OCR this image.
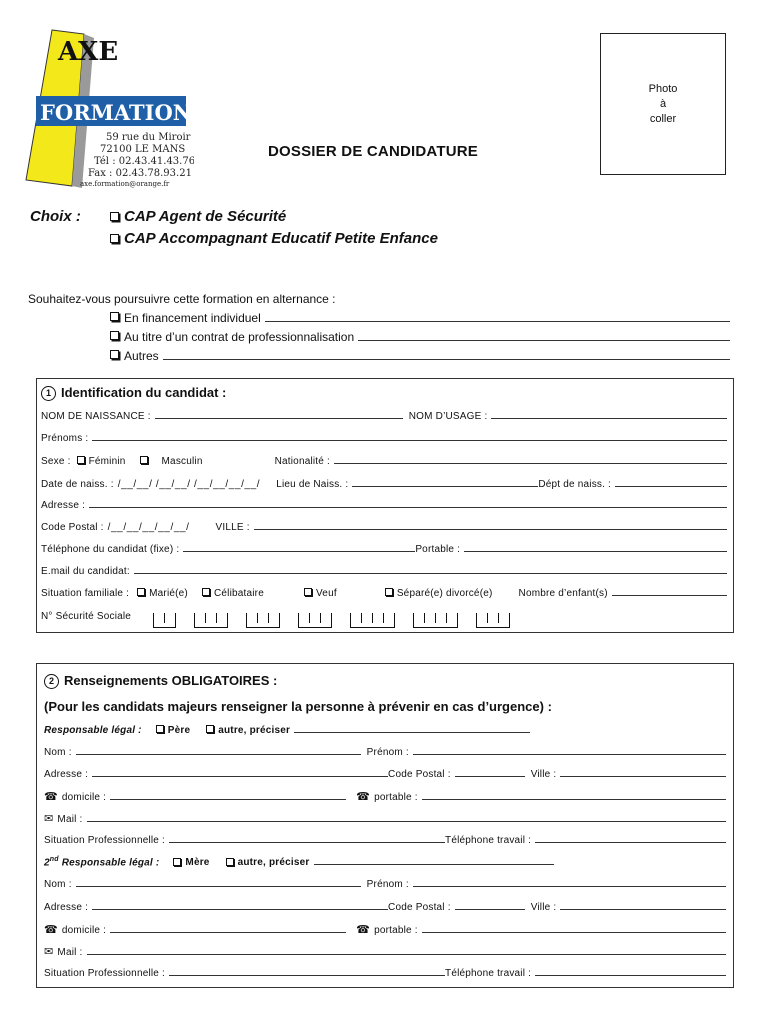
AXE
FORMATION
59 rue du Miroir
72100 LE MANS
Tél : 02.43.41.43.76
Fax : 02.43.78.93.21
axe.formation@orange.fr
Photo
à
coller
DOSSIER DE CANDIDATURE
Choix :	CAP Agent de Sécurité
CAP Accompagnant Educatif Petite Enfance
Souhaitez-vous poursuivre cette formation en alternance :
En financement individuel
Au titre d’un contrat de professionnalisation
Autres
1 Identification du candidat :
NOM DE NAISSANCE :	NOM D’USAGE :
Prénoms :
Sexe :	Féminin	Masculin	Nationalité :
Date de naiss. : /__/__/ /__/__/ /__/__/__/__/ Lieu de Naiss. :	Dépt de naiss. :
Adresse :
Code Postal : /__/__/__/__/__/	VILLE :
Téléphone du candidat (fixe) :	Portable :
E.mail du candidat:
Situation familiale :	Marié(e)	Célibataire	Veuf	Séparé(e) divorcé(e)	Nombre d’enfant(s)
N° Sécurité Sociale
2 Renseignements OBLIGATOIRES :
(Pour les candidats majeurs renseigner la personne à prévenir en cas d’urgence) :
Responsable légal :	Père	autre, préciser
Nom :	Prénom :
Adresse :	Code Postal :	Ville :
☎ domicile :	☎ portable :
✉ Mail :
Situation Professionnelle :	Téléphone travail :
2nd Responsable légal :	Mère	autre, préciser
Nom :	Prénom :
Adresse :	Code Postal :	Ville :
☎ domicile :	☎ portable :
✉ Mail :
Situation Professionnelle :	Téléphone travail :
